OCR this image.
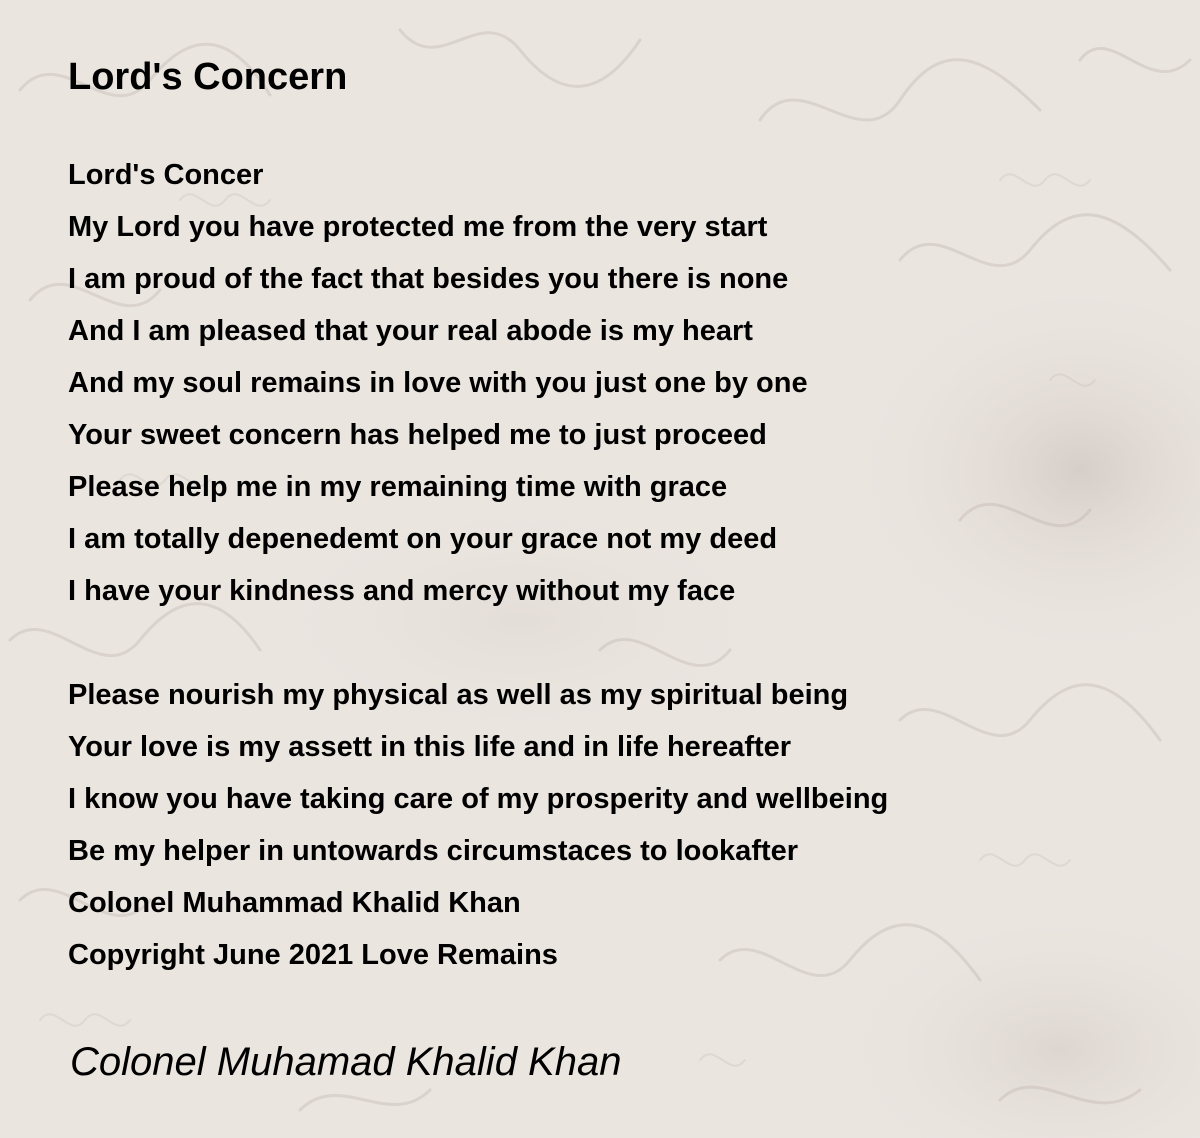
Lord's Concern
Lord's Concer
My Lord you have protected me from the very start
I am proud of the fact that besides you there is none
And I am pleased that your real abode is my heart
And my soul remains in love with you just one by one
Your sweet concern has helped me to just proceed
Please help me in my remaining time with grace
I am totally depenedemt on your grace not my deed
I have your kindness and mercy without my face
Please nourish my physical as well as my spiritual being
Your love is my assett in this life and in life hereafter
I know you have taking care of my prosperity and wellbeing
Be my helper in untowards circumstaces to lookafter
Colonel Muhammad Khalid Khan
Copyright June 2021 Love Remains

Colonel Muhamad Khalid Khan
